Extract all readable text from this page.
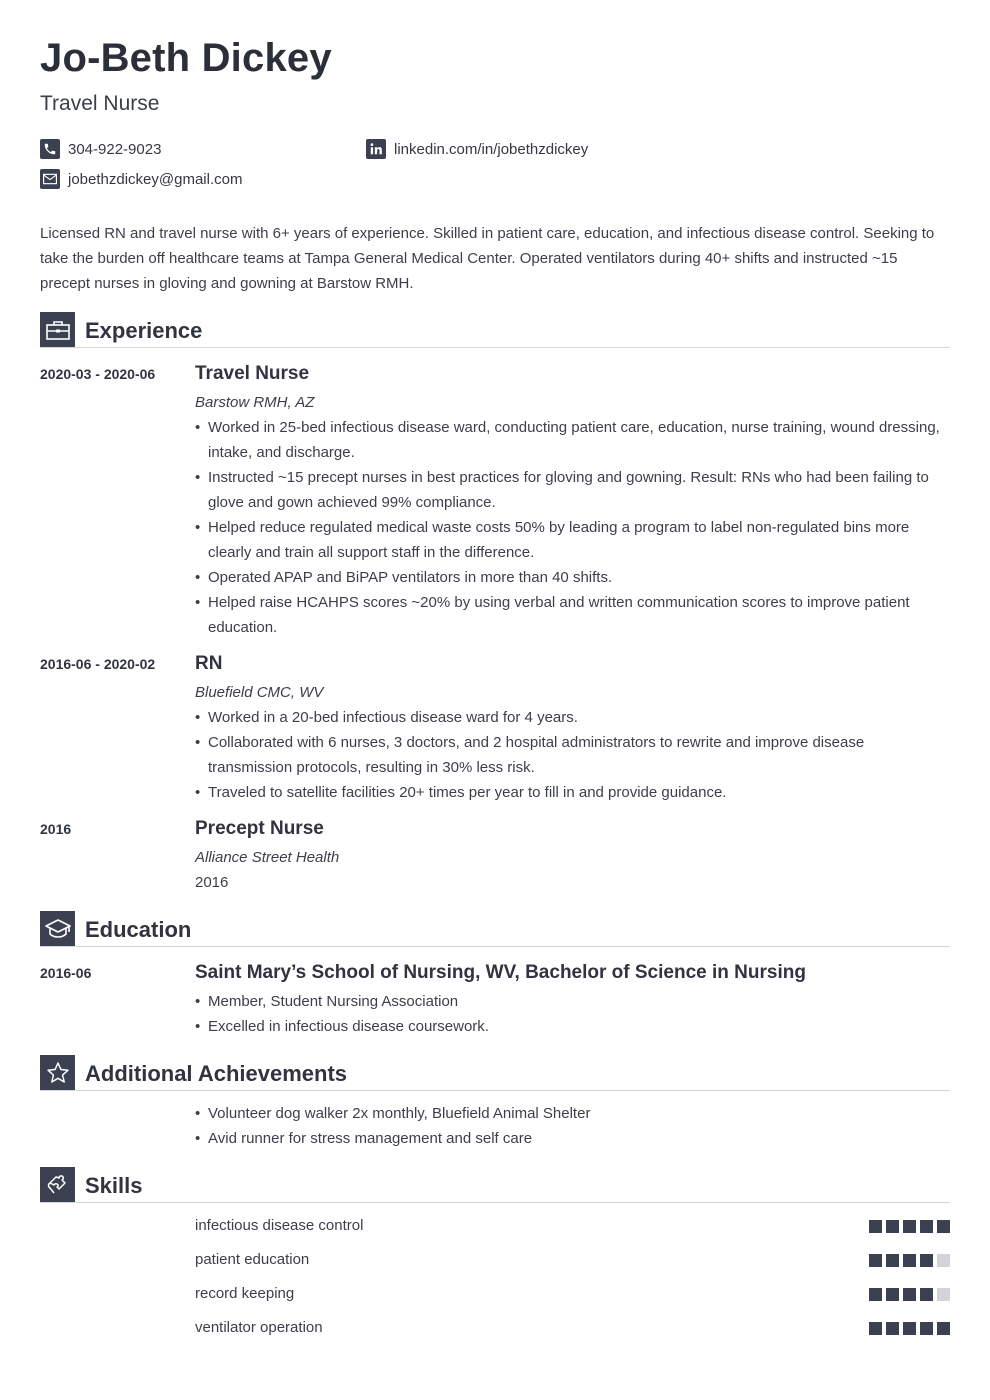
Jo-Beth Dickey
Travel Nurse
304-922-9023	linkedin.com/in/jobethzdickey
jobethzdickey@gmail.com

Licensed RN and travel nurse with 6+ years of experience. Skilled in patient care, education, and infectious disease control. Seeking to take the burden off healthcare teams at Tampa General Medical Center. Operated ventilators during 40+ shifts and instructed ~15 precept nurses in gloving and gowning at Barstow RMH.

Experience
2020-03 - 2020-06 Travel Nurse
Barstow RMH, AZ
• Worked in 25-bed infectious disease ward, conducting patient care, education, nurse training, wound dressing, intake, and discharge.
• Instructed ~15 precept nurses in best practices for gloving and gowning. Result: RNs who had been failing to glove and gown achieved 99% compliance.
• Helped reduce regulated medical waste costs 50% by leading a program to label non-regulated bins more clearly and train all support staff in the difference.
• Operated APAP and BiPAP ventilators in more than 40 shifts.
• Helped raise HCAHPS scores ~20% by using verbal and written communication scores to improve patient education.
2016-06 - 2020-02 RN
Bluefield CMC, WV
• Worked in a 20-bed infectious disease ward for 4 years.
• Collaborated with 6 nurses, 3 doctors, and 2 hospital administrators to rewrite and improve disease transmission protocols, resulting in 30% less risk.
• Traveled to satellite facilities 20+ times per year to fill in and provide guidance.
2016	Precept Nurse
Alliance Street Health
2016
Education
2016-06	Saint Mary’s School of Nursing, WV, Bachelor of Science in Nursing
• Member, Student Nursing Association
• Excelled in infectious disease coursework.
Additional Achievements
• Volunteer dog walker 2x monthly, Bluefield Animal Shelter
• Avid runner for stress management and self care
Skills
infectious disease control
patient education
record keeping
ventilator operation
